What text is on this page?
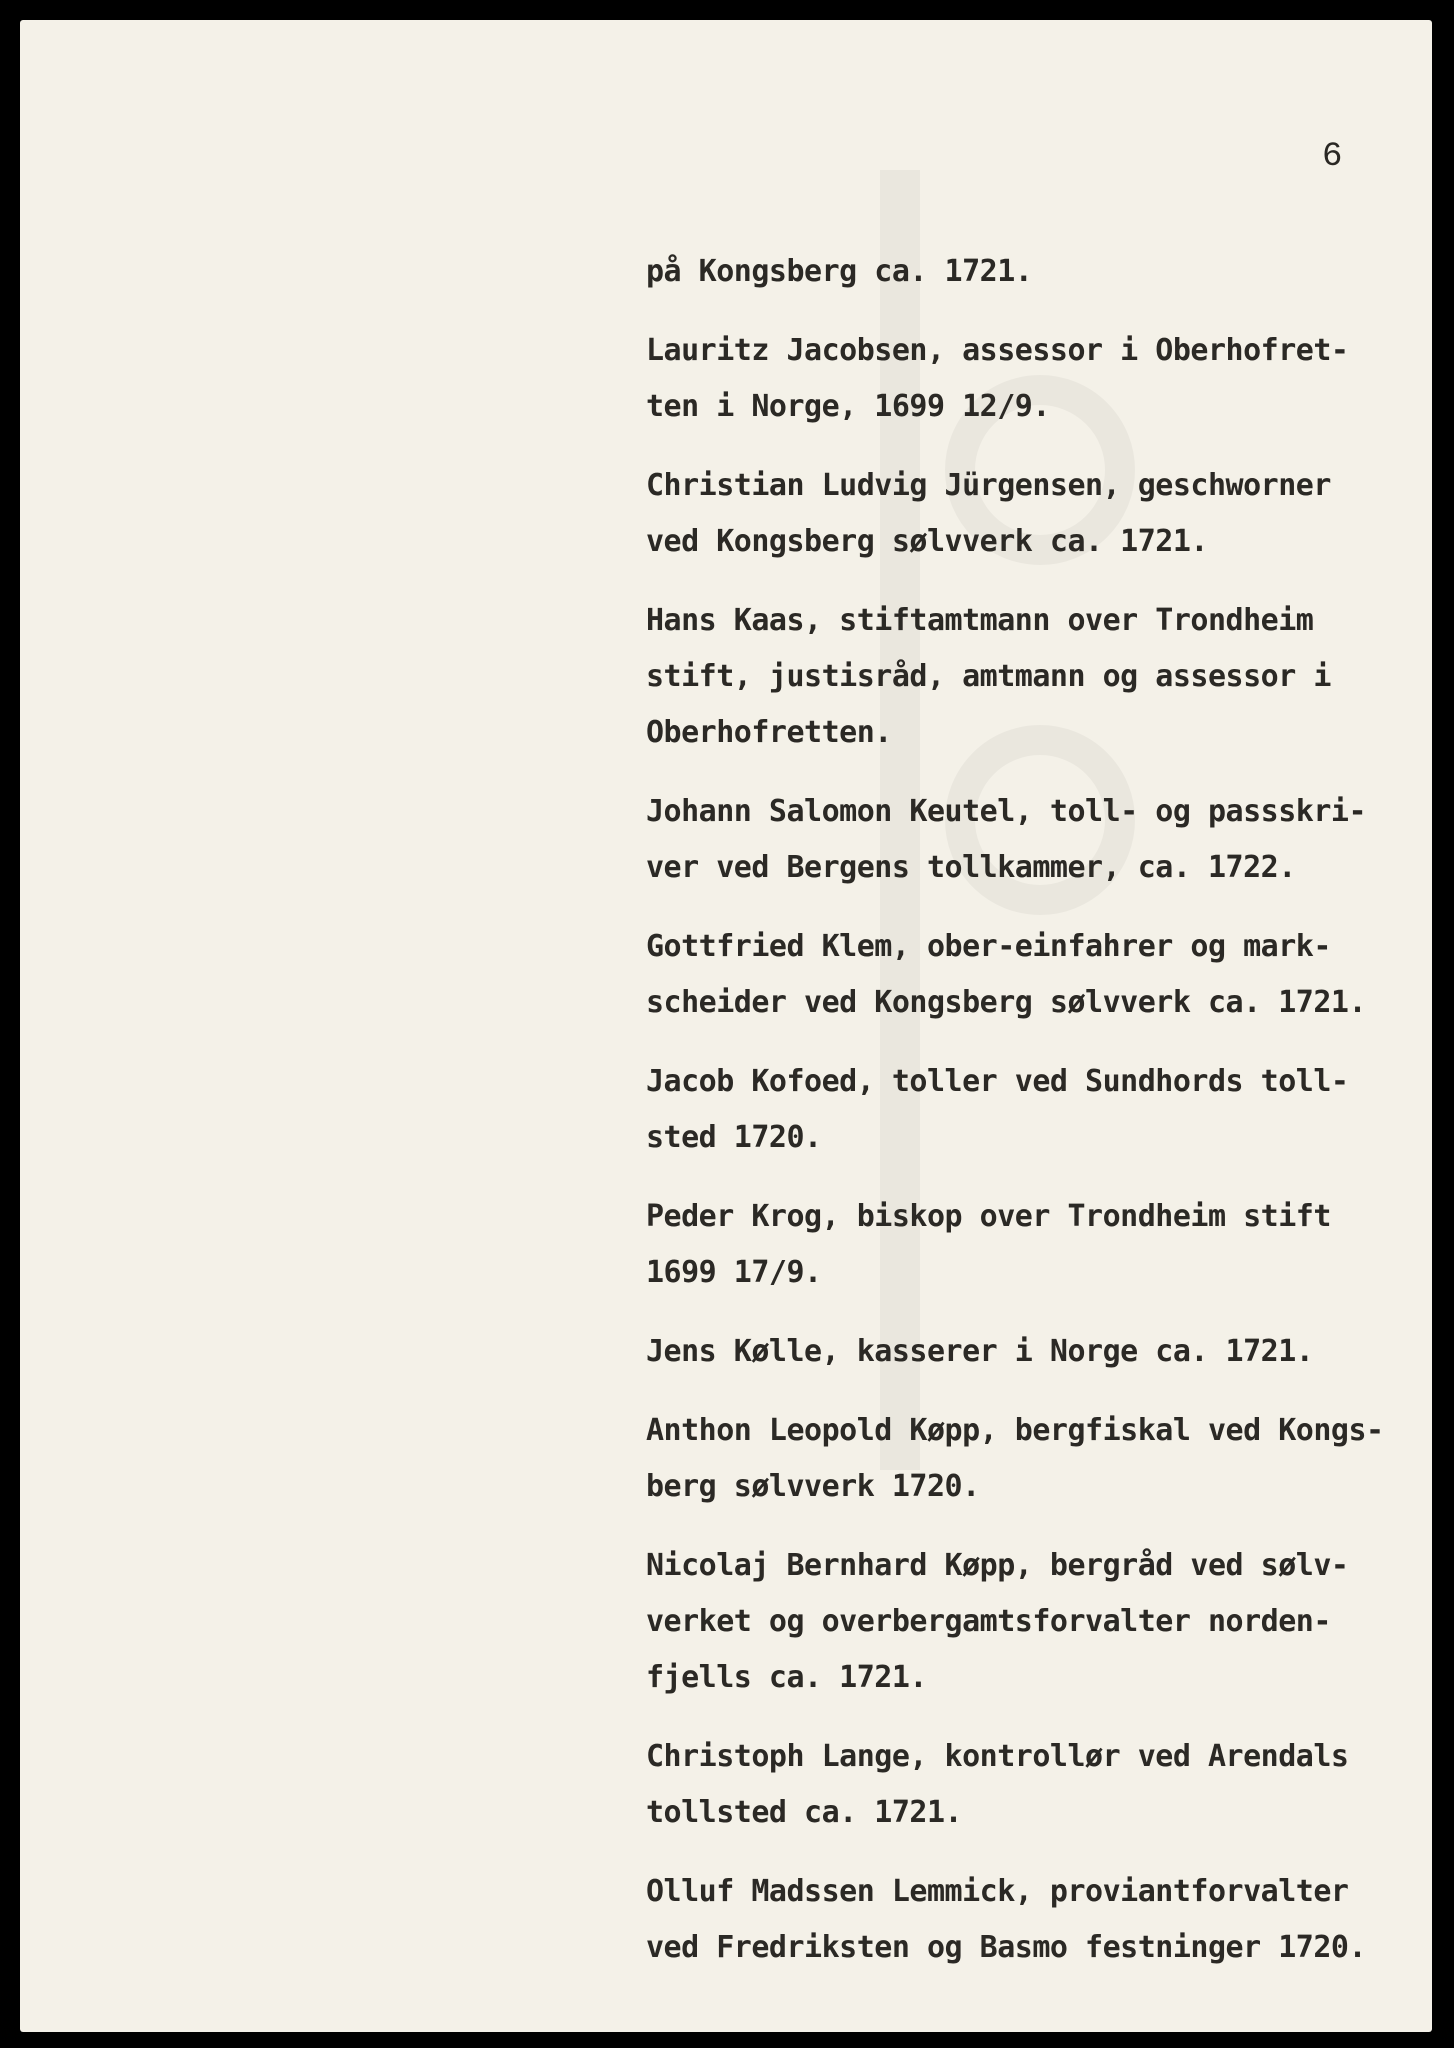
6
på Kongsberg ca. 1721.
Lauritz Jacobsen, assessor i Oberhofret-
ten i Norge, 1699 12/9.
Christian Ludvig Jürgensen, geschworner
ved Kongsberg sølvverk ca. 1721.
Hans Kaas, stiftamtmann over Trondheim
stift, justisråd, amtmann og assessor i
Oberhofretten.
Johann Salomon Keutel, toll- og passskri-
ver ved Bergens tollkammer, ca. 1722.
Gottfried Klem, ober-einfahrer og mark-
scheider ved Kongsberg sølvverk ca. 1721.
Jacob Kofoed, toller ved Sundhords toll-
sted 1720.
Peder Krog, biskop over Trondheim stift
1699 17/9.
Jens Kølle, kasserer i Norge ca. 1721.
Anthon Leopold Køpp, bergfiskal ved Kongs-
berg sølvverk 1720.
Nicolaj Bernhard Køpp, bergråd ved sølv-
verket og overbergamtsforvalter norden-
fjells ca. 1721.
Christoph Lange, kontrollør ved Arendals
tollsted ca. 1721.
Olluf Madssen Lemmick, proviantforvalter
ved Fredriksten og Basmo festninger 1720.
